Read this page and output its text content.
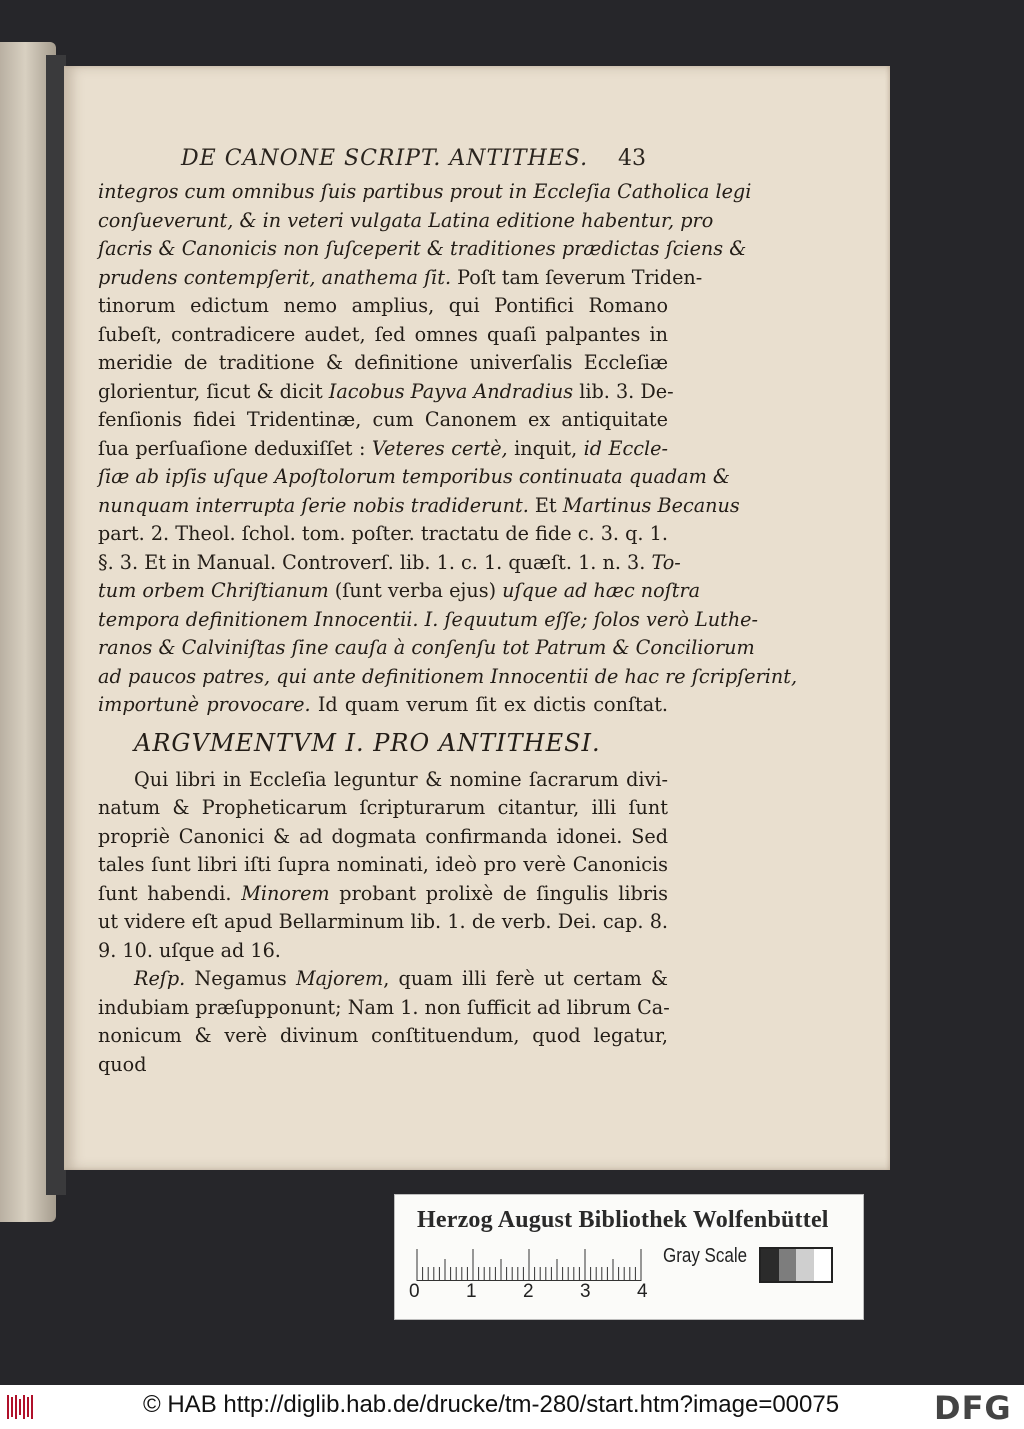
DE CANONE SCRIPT. ANTITHES. 43
integros cum omnibus ſuis partibus prout in Eccleſia Catholica legi
conſueverunt, & in veteri vulgata Latina editione habentur, pro
ſacris & Canonicis non ſuſceperit & traditiones prædictas ſciens &
prudens contempſerit, anathema ſit. Poſt tam ſeverum Triden-
tinorum edictum nemo amplius, qui Pontifici Romano
ſubeſt, contradicere audet, ſed omnes quaſi palpantes in
meridie de traditione & definitione univerſalis Eccleſiæ
glorientur, ſicut & dicit Iacobus Payva Andradius lib. 3. De-
fenſionis fidei Tridentinæ, cum Canonem ex antiquitate
ſua perſuaſione deduxiſſet : Veteres certè, inquit, id Eccle-
ſiæ ab ipſis uſque Apoſtolorum temporibus continuata quadam &
nunquam interrupta ſerie nobis tradiderunt. Et Martinus Becanus
part. 2. Theol. ſchol. tom. poſter. tractatu de fide c. 3. q. 1.
§. 3. Et in Manual. Controverſ. lib. 1. c. 1. quæſt. 1. n. 3. To-
tum orbem Chriſtianum (ſunt verba ejus) uſque ad hæc noſtra
tempora definitionem Innocentii. I. ſequutum eſſe; ſolos verò Luthe-
ranos & Calviniſtas ſine cauſa à conſenſu tot Patrum & Conciliorum
ad paucos patres, qui ante definitionem Innocentii de hac re ſcripſerint,
importunè provocare. Id quam verum ſit ex dictis conſtat.
ARGVMENTVM I. PRO ANTITHESI.
Qui libri in Eccleſia leguntur & nomine ſacrarum divi-
natum & Propheticarum ſcripturarum citantur, illi ſunt
propriè Canonici & ad dogmata confirmanda idonei. Sed
tales ſunt libri iſti ſupra nominati, ideò pro verè Canonicis
ſunt habendi. Minorem probant prolixè de ſingulis libris
ut videre eſt apud Bellarminum lib. 1. de verb. Dei. cap. 8.
9. 10. uſque ad 16.
Reſp. Negamus Majorem, quam illi ferè ut certam &
indubiam præſupponunt; Nam 1. non ſufficit ad librum Ca-
nonicum & verè divinum conſtituendum, quod legatur,
quod
Herzog August Bibliothek Wolfenbüttel
0 1 2 3 4
Gray Scale
© HAB http://diglib.hab.de/drucke/tm-280/start.htm?image=00075	DFG
